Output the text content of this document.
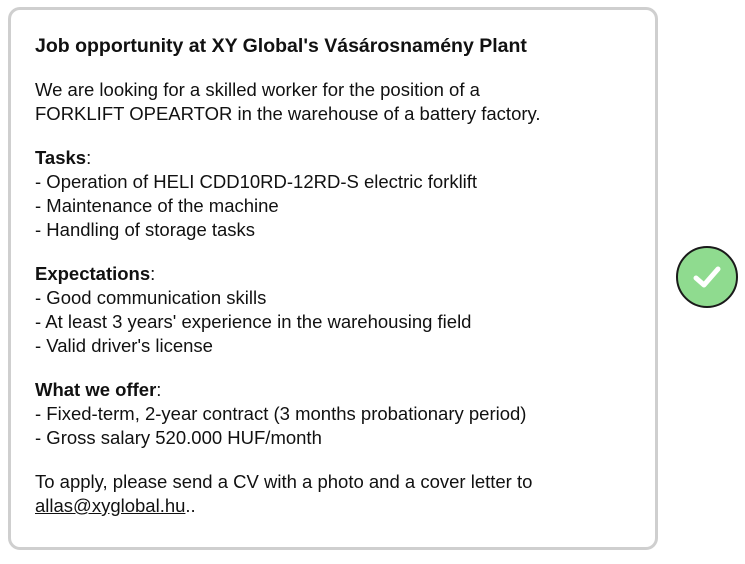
Job opportunity at XY Global's Vásárosnamény Plant
We are looking for a skilled worker for the position of a
FORKLIFT OPEARTOR in the warehouse of a battery factory.
Tasks:
- Operation of HELI CDD10RD-12RD-S electric forklift
- Maintenance of the machine
- Handling of storage tasks
Expectations:
- Good communication skills
- At least 3 years' experience in the warehousing field
- Valid driver's license
What we offer:
- Fixed-term, 2-year contract (3 months probationary period)
- Gross salary 520.000 HUF/month
To apply, please send a CV with a photo and a cover letter to
allas@xyglobal.hu..
